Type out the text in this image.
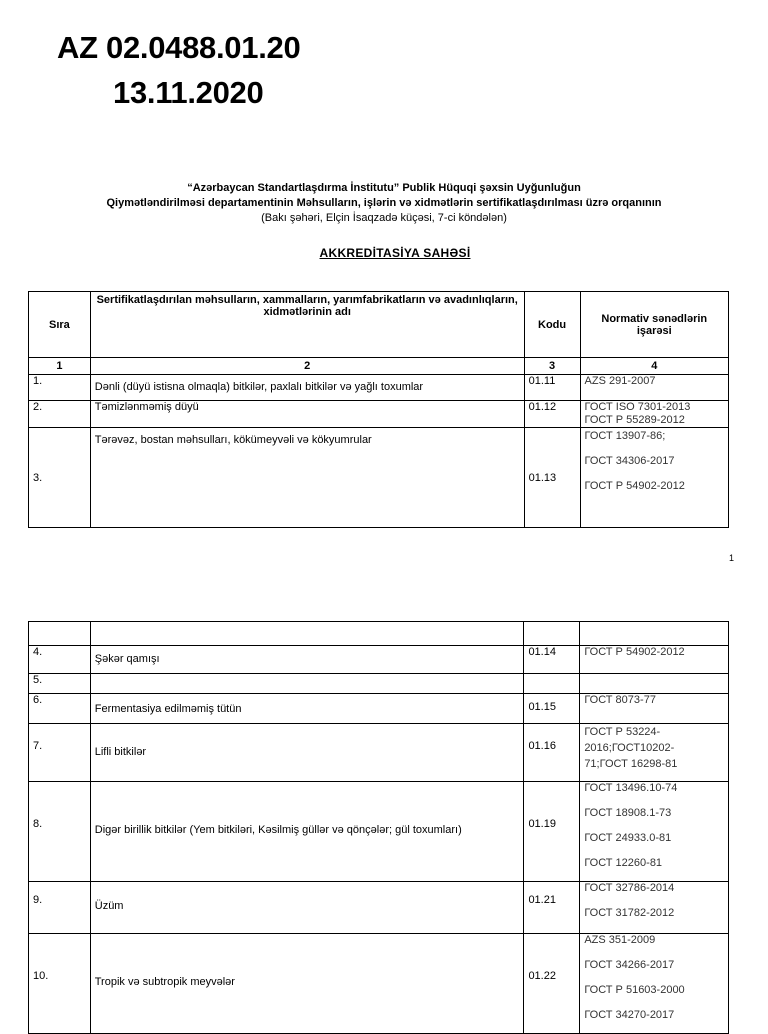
AZ 02.0488.01.20
13.11.2020
“Azərbaycan Standartlaşdırma İnstitutu” Publik Hüquqi şəxsin Uyğunluğun
Qiymətləndirilməsi departamentinin Məhsulların, işlərin və xidmətlərin sertifikatlaşdırılması üzrə orqanının
(Bakı şəhəri, Elçin İsaqzadə küçəsi, 7-ci köndələn)
AKKREDİTASİYA SAHƏSİ
Sıra	Sertifikatlaşdırılan məhsulların, xammalların, yarımfabrikatların və avadınlıqların, xidmətlərinin adı	Kodu	Normativ sənədlərin işarəsi
1	2	3	4
1.	Dənli (düyü istisna olmaqla) bitkilər, paxlalı bitkilər və yağlı toxumlar	01.11	AZS 291-2007

2.	Təmizlənməmiş düyü	01.12	ГОСТ ISO 7301-2013
ГОСТ Р 55289-2012

3.	Tərəvəz, bostan məhsulları, kökümeyvəli və kökyumrular	01.13	ГОСТ 13907-86;
ГОСТ 34306-2017
ГОСТ Р 54902-2012
1

4.	Şəkər qamışı	01.14	ГОСТ Р 54902-2012

5.			
6.	Fermentasiya edilməmiş tütün	01.15	ГОСТ 8073-77

7.	Lifli bitkilər	01.16	ГОСТ Р 53224-
2016;ГОСТ10202-
71;ГОСТ 16298-81

8.	Digər birillik bitkilər (Yem bitkiləri, Kəsilmiş güllər və qönçələr; gül toxumları)	01.19	ГОСТ 13496.10-74
ГОСТ 18908.1-73
ГОСТ 24933.0-81
ГОСТ 12260-81

9.	Üzüm	01.21	ГОСТ 32786-2014
ГОСТ 31782-2012

10.	Tropik və subtropik meyvələr	01.22	AZS 351-2009
ГОСТ 34266-2017
ГОСТ Р 51603-2000
ГОСТ 34270-2017
